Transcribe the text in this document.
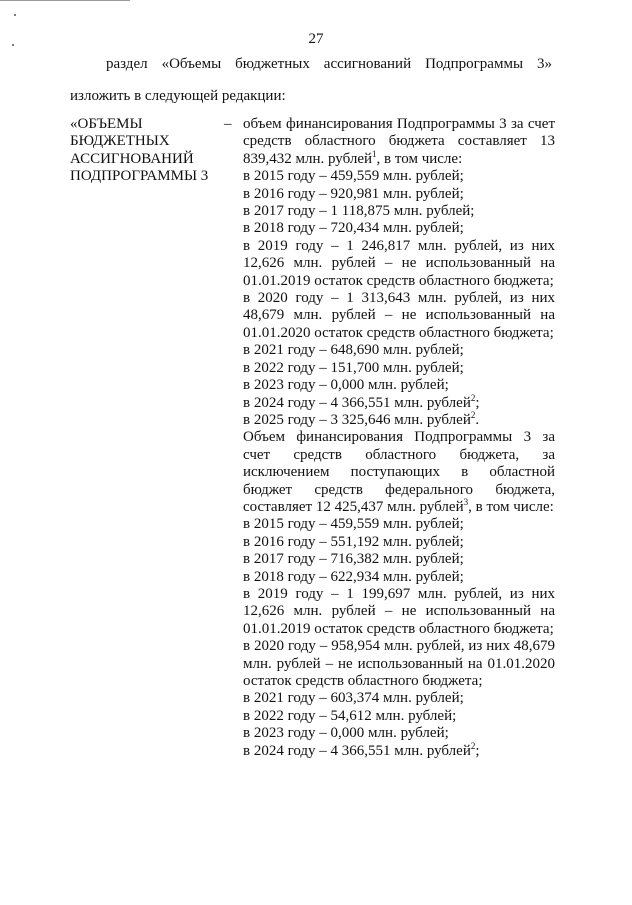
27
раздел «Объемы бюджетных ассигнований Подпрограммы 3»
изложить в следующей редакции:
«ОБЪЕМЫ
БЮДЖЕТНЫХ
АССИГНОВАНИЙ
ПОДПРОГРАММЫ 3
– объем финансирования Подпрограммы 3 за счет средств областного бюджета составляет 13 839,432 млн. рублей$^1$, в том числе:
в 2015 году – 459,559 млн. рублей;
в 2016 году – 920,981 млн. рублей;
в 2017 году – 1 118,875 млн. рублей;
в 2018 году – 720,434 млн. рублей;
в 2019 году – 1 246,817 млн. рублей, из них 12,626 млн. рублей – не использованный на 01.01.2019 остаток средств областного бюджета;
в 2020 году – 1 313,643 млн. рублей, из них 48,679 млн. рублей – не использованный на 01.01.2020 остаток средств областного бюджета;
в 2021 году – 648,690 млн. рублей;
в 2022 году – 151,700 млн. рублей;
в 2023 году – 0,000 млн. рублей;
в 2024 году – 4 366,551 млн. рублей$^2$;
в 2025 году – 3 325,646 млн. рублей$^2$.
Объем финансирования Подпрограммы 3 за счет средств областного бюджета, за исключением поступающих в областной бюджет средств федерального бюджета, составляет 12 425,437 млн. рублей$^3$, в том числе:
в 2015 году – 459,559 млн. рублей;
в 2016 году – 551,192 млн. рублей;
в 2017 году – 716,382 млн. рублей;
в 2018 году – 622,934 млн. рублей;
в 2019 году – 1 199,697 млн. рублей, из них 12,626 млн. рублей – не использованный на 01.01.2019 остаток средств областного бюджета;
в 2020 году – 958,954 млн. рублей, из них 48,679 млн. рублей – не использованный на 01.01.2020 остаток средств областного бюджета;
в 2021 году – 603,374 млн. рублей;
в 2022 году – 54,612 млн. рублей;
в 2023 году – 0,000 млн. рублей;
в 2024 году – 4 366,551 млн. рублей$^2$;
